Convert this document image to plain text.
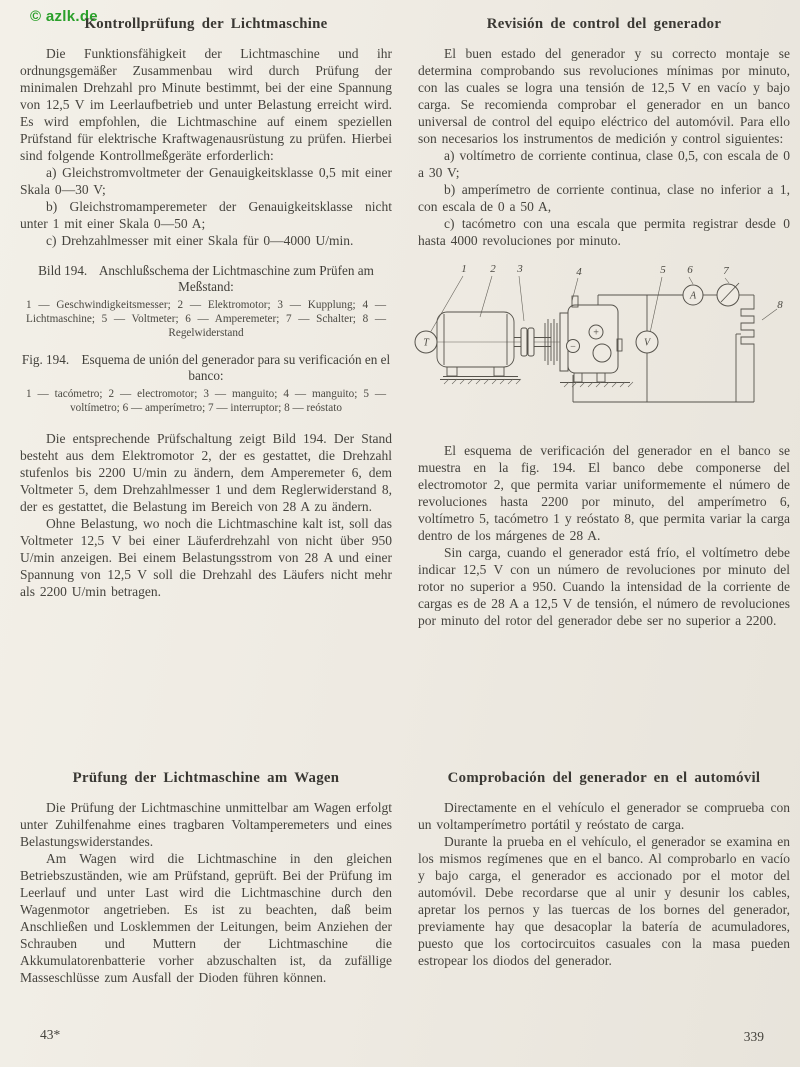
© azlk.de
Kontrollprüfung der Lichtmaschine

Die Funktionsfähigkeit der Lichtmaschine und ihr ordnungsgemäßer Zusammenbau wird durch Prüfung der minimalen Drehzahl pro Minute bestimmt, bei der eine Spannung von 12,5 V im Leerlaufbetrieb und unter Belastung erreicht wird. Es wird empfohlen, die Lichtmaschine auf einem speziellen Prüfstand für elektrische Kraftwagenausrüstung zu prüfen. Hierbei sind folgende Kontrollmeßgeräte erforderlich:

a) Gleichstromvoltmeter der Genauigkeitsklasse 0,5 mit einer Skala 0—30 V;

b) Gleichstromamperemeter der Genauigkeitsklasse nicht unter 1 mit einer Skala 0—50 A;

c) Drehzahlmesser mit einer Skala für 0—4000 U/min.

Bild 194. Anschlußschema der Lichtmaschine zum Prüfen am Meßstand:
1 — Geschwindigkeitsmesser; 2 — Elektromotor; 3 — Kupplung; 4 — Lichtmaschine; 5 — Voltmeter; 6 — Amperemeter; 7 — Schalter; 8 — Regelwiderstand
Fig. 194. Esquema de unión del generador para su verificación en el banco:
1 — tacómetro; 2 — electromotor; 3 — manguito; 4 — manguito; 5 — voltímetro; 6 — amperímetro; 7 — interruptor; 8 — reóstato

Die entsprechende Prüfschaltung zeigt Bild 194. Der Stand besteht aus dem Elektromotor 2, der es gestattet, die Drehzahl stufenlos bis 2200 U/min zu ändern, dem Amperemeter 6, dem Voltmeter 5, dem Drehzahlmesser 1 und dem Reglerwiderstand 8, der es gestattet, die Belastung im Bereich von 28 A zu ändern.

Ohne Belastung, wo noch die Lichtmaschine kalt ist, soll das Voltmeter 12,5 V bei einer Läuferdrehzahl von nicht über 950 U/min anzeigen. Bei einem Belastungsstrom von 28 A und einer Spannung von 12,5 V soll die Drehzahl des Läufers nicht mehr als 2200 U/min betragen.

Prüfung der Lichtmaschine am Wagen

Die Prüfung der Lichtmaschine unmittelbar am Wagen erfolgt unter Zuhilfenahme eines tragbaren Voltamperemeters und eines Belastungswiderstandes.

Am Wagen wird die Lichtmaschine in den gleichen Betriebszuständen, wie am Prüfstand, geprüft. Bei der Prüfung im Leerlauf und unter Last wird die Lichtmaschine durch den Wagenmotor angetrieben. Es ist zu beachten, daß beim Anschließen und Losklemmen der Leitungen, beim Anziehen der Schrauben und Muttern der Lichtmaschine die Akkumulatorenbatterie vorher abzuschalten ist, da zufällige Masseschlüsse zum Ausfall der Dioden führen können.

Revisión de control del generador

El buen estado del generador y su correcto montaje se determina comprobando sus revoluciones mínimas por minuto, con las cuales se logra una tensión de 12,5 V en vacío y bajo carga. Se recomienda comprobar el generador en un banco universal de control del equipo eléctrico del automóvil. Para ello son necesarios los instrumentos de medición y control siguientes:

a) voltímetro de corriente continua, clase 0,5, con escala de 0 a 30 V;

b) amperímetro de corriente continua, clase no inferior a 1, con escala de 0 a 50 A,

c) tacómetro con una escala que permita registrar desde 0 hasta 4000 revoluciones por minuto.

1 2 3	4	5 6	7
8
T
+
−	V
A

El esquema de verificación del generador en el banco se muestra en la fig. 194. El banco debe componerse del electromotor 2, que permita variar uniformemente el número de revoluciones hasta 2200 por minuto, del amperímetro 6, voltímetro 5, tacómetro 1 y reóstato 8, que permita variar la carga dentro de los márgenes de 28 A.

Sin carga, cuando el generador está frío, el voltímetro debe indicar 12,5 V con un número de revoluciones por minuto del rotor no superior a 950. Cuando la intensidad de la corriente de cargas es de 28 A a 12,5 V de tensión, el número de revoluciones por minuto del rotor del generador debe ser no superior a 2200.

Comprobación del generador en el automóvil

Directamente en el vehículo el generador se comprueba con un voltamperímetro portátil y reóstato de carga.

Durante la prueba en el vehículo, el generador se examina en los mismos regímenes que en el banco. Al comprobarlo en vacío y bajo carga, el generador es accionado por el motor del automóvil. Debe recordarse que al unir y desunir los cables, apretar los pernos y las tuercas de los bornes del generador, previamente hay que desacoplar la batería de acumuladores, puesto que los cortocircuitos casuales con la masa pueden estropear los diodos del generador.

43*	339
